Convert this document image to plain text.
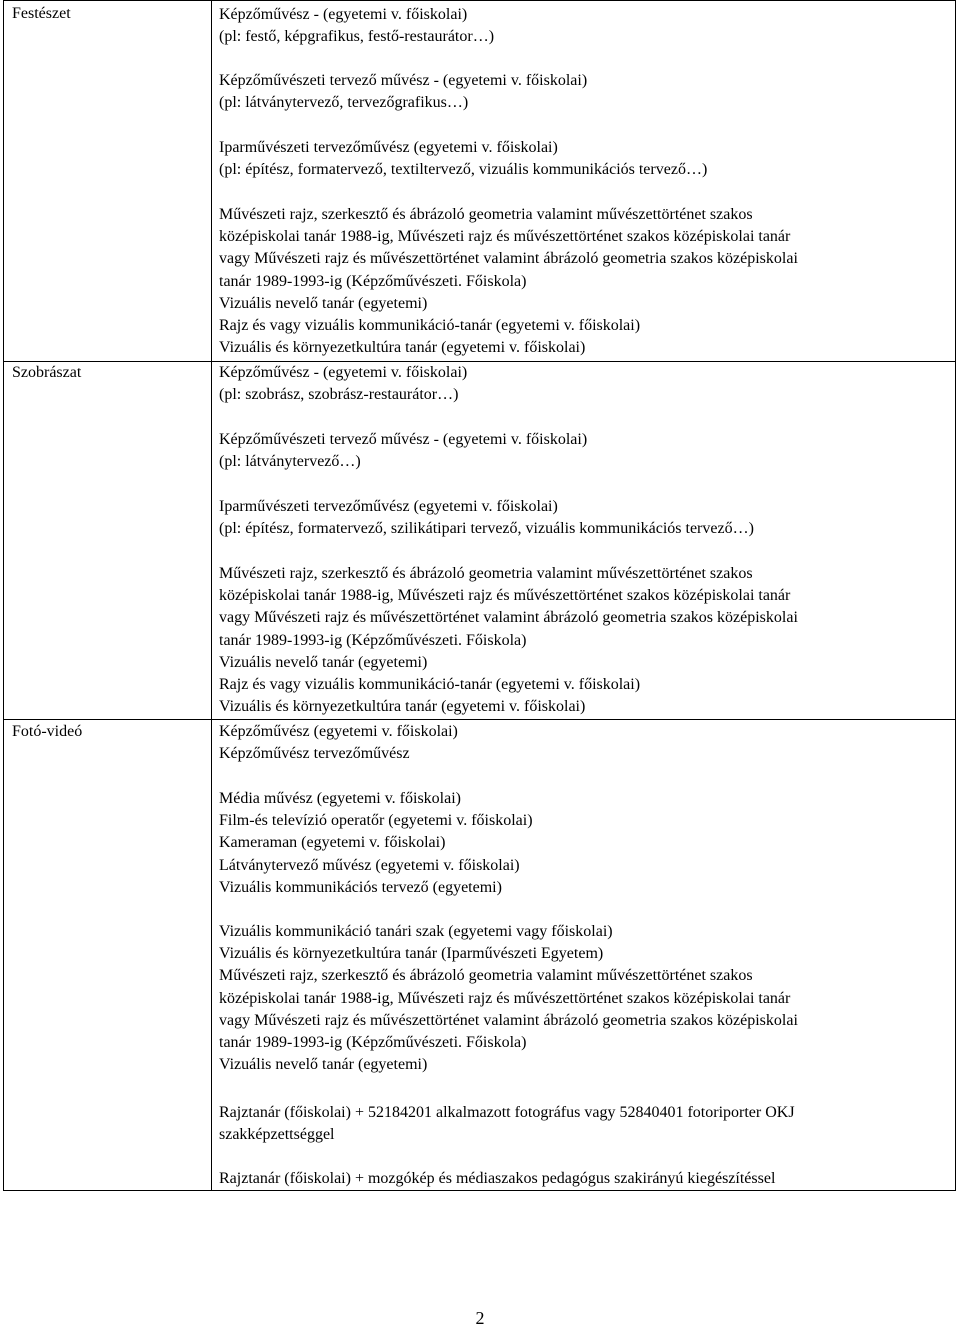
Festészet	Képzőművész - (egyetemi v. főiskolai)
(pl: festő, képgrafikus, festő-restaurátor…)
Képzőművészeti tervező művész - (egyetemi v. főiskolai)
(pl: látványtervező, tervezőgrafikus…)
Iparművészeti tervezőművész (egyetemi v. főiskolai)
(pl: építész, formatervező, textiltervező, vizuális kommunikációs tervező…)
Művészeti rajz, szerkesztő és ábrázoló geometria valamint művészettörténet szakos
középiskolai tanár 1988-ig, Művészeti rajz és művészettörténet szakos középiskolai tanár
vagy Művészeti rajz és művészettörténet valamint ábrázoló geometria szakos középiskolai
tanár 1989-1993-ig (Képzőművészeti. Főiskola)
Vizuális nevelő tanár (egyetemi)
Rajz és vagy vizuális kommunikáció-tanár (egyetemi v. főiskolai)
Vizuális és környezetkultúra tanár (egyetemi v. főiskolai)
Szobrászat	Képzőművész - (egyetemi v. főiskolai)
(pl: szobrász, szobrász-restaurátor…)
Képzőművészeti tervező művész - (egyetemi v. főiskolai)
(pl: látványtervező…)
Iparművészeti tervezőművész (egyetemi v. főiskolai)
(pl: építész, formatervező, szilikátipari tervező, vizuális kommunikációs tervező…)
Művészeti rajz, szerkesztő és ábrázoló geometria valamint művészettörténet szakos
középiskolai tanár 1988-ig, Művészeti rajz és művészettörténet szakos középiskolai tanár
vagy Művészeti rajz és művészettörténet valamint ábrázoló geometria szakos középiskolai
tanár 1989-1993-ig (Képzőművészeti. Főiskola)
Vizuális nevelő tanár (egyetemi)
Rajz és vagy vizuális kommunikáció-tanár (egyetemi v. főiskolai)
Vizuális és környezetkultúra tanár (egyetemi v. főiskolai)
Fotó-videó	Képzőművész (egyetemi v. főiskolai)
Képzőművész tervezőművész
Média művész (egyetemi v. főiskolai)
Film-és televízió operatőr (egyetemi v. főiskolai)
Kameraman (egyetemi v. főiskolai)
Látványtervező művész (egyetemi v. főiskolai)
Vizuális kommunikációs tervező (egyetemi)
Vizuális kommunikáció tanári szak (egyetemi vagy főiskolai)
Vizuális és környezetkultúra tanár (Iparművészeti Egyetem)
Művészeti rajz, szerkesztő és ábrázoló geometria valamint művészettörténet szakos
középiskolai tanár 1988-ig, Művészeti rajz és művészettörténet szakos középiskolai tanár
vagy Művészeti rajz és művészettörténet valamint ábrázoló geometria szakos középiskolai
tanár 1989-1993-ig (Képzőművészeti. Főiskola)
Vizuális nevelő tanár (egyetemi)
Rajztanár (főiskolai) + 52184201 alkalmazott fotográfus vagy 52840401 fotoriporter OKJ
szakképzettséggel
Rajztanár (főiskolai) + mozgókép és médiaszakos pedagógus szakirányú kiegészítéssel
2
